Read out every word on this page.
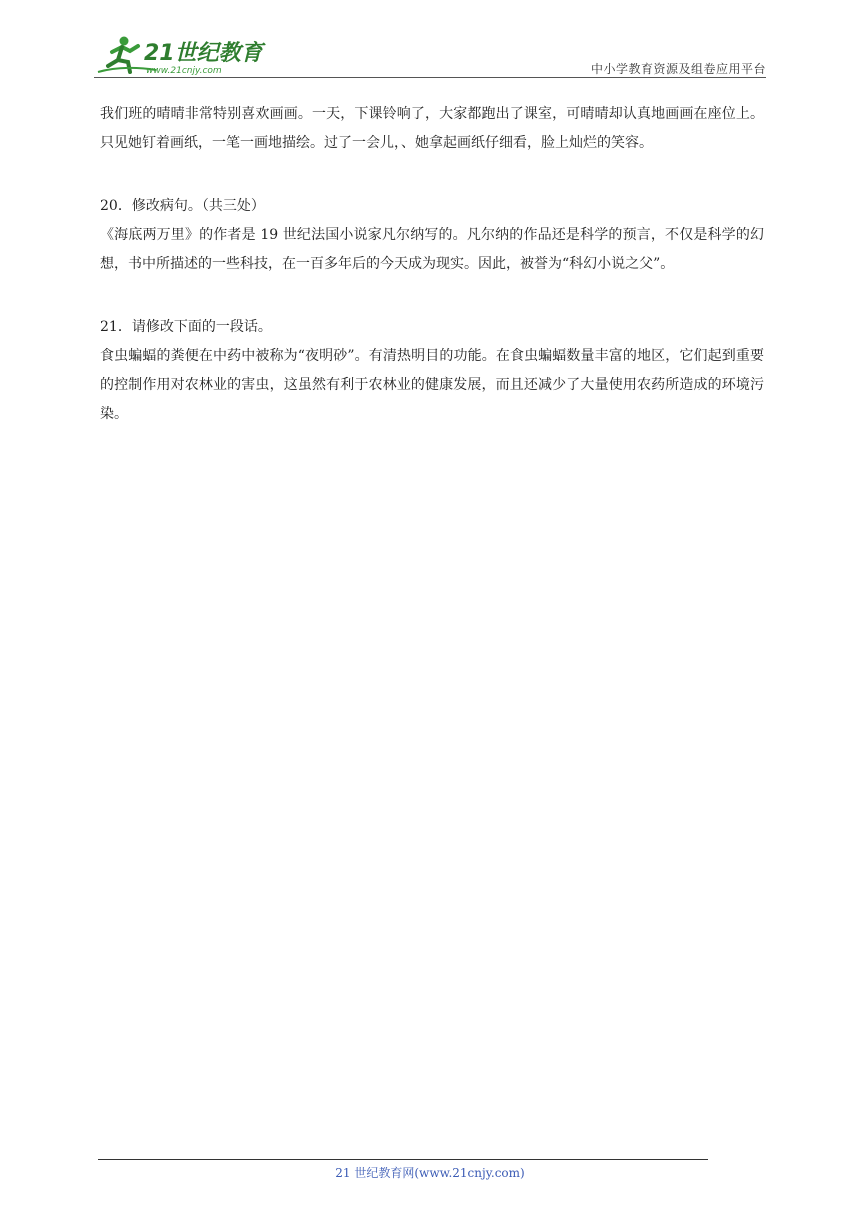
21世纪教育
www.21cnjy.com	中小学教育资源及组卷应用平台

我们班的晴晴非常特别喜欢画画。一天，下课铃响了，大家都跑出了课室，可晴晴却认真地画画在座位上。只见她钉着画纸，一笔一画地描绘。过了一会儿，、她拿起画纸仔细看，脸上灿烂的笑容。

20．修改病句。（共三处）

《海底两万里》的作者是 19 世纪法国小说家凡尔纳写的。凡尔纳的作品还是科学的预言，不仅是科学的幻想，书中所描述的一些科技，在一百多年后的今天成为现实。因此，被誉为“科幻小说之父”。

21．请修改下面的一段话。

食虫蝙蝠的粪便在中药中被称为“夜明砂”。有清热明目的功能。在食虫蝙蝠数量丰富的地区，它们起到重要的控制作用对农林业的害虫，这虽然有利于农林业的健康发展，而且还减少了大量使用农药所造成的环境污染。

21 世纪教育网(www.21cnjy.com)
